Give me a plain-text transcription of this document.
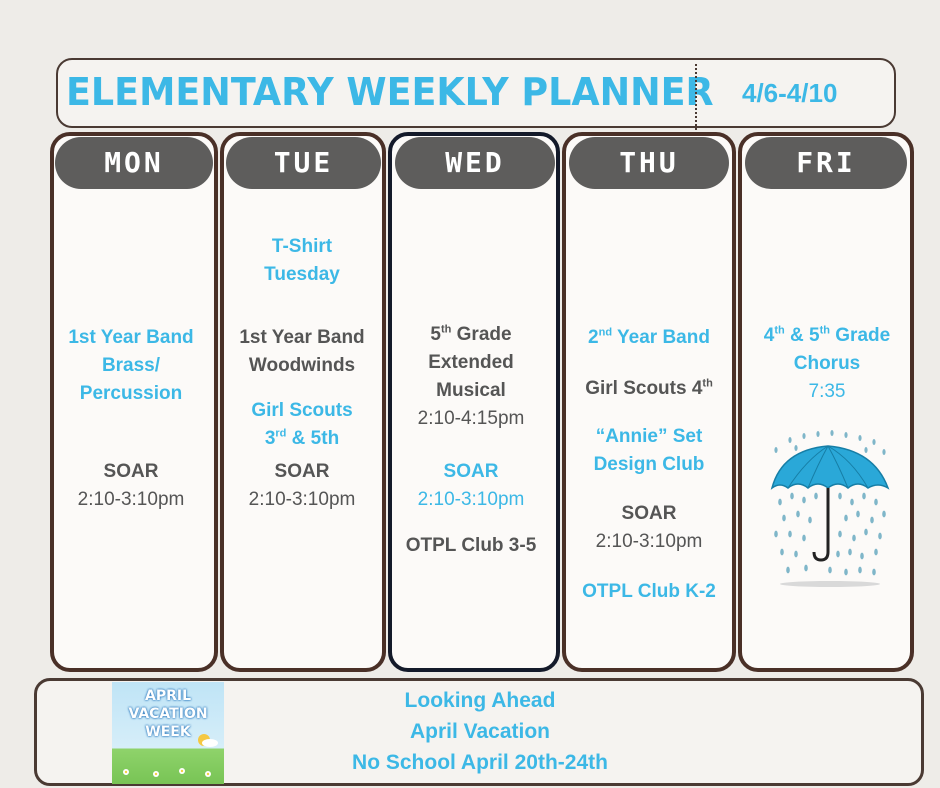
ELEMENTARY WEEKLY PLANNER 4/6-4/10
MON	TUE	WED	THU	FRI
1st Year Band
Brass/
Percussion
SOAR
2:10-3:10pm
T-Shirt
Tuesday
1st Year Band
Woodwinds
Girl Scouts
3rd & 5th
SOAR
2:10-3:10pm
5th Grade
Extended
Musical
2:10-4:15pm
SOAR
2:10-3:10pm
OTPL Club 3-5
2nd Year Band
Girl Scouts 4th
“Annie” Set
Design Club
SOAR
2:10-3:10pm
OTPL Club K-2
4th & 5th Grade
Chorus
7:35
APRIL
VACATION
WEEK
Looking Ahead
April Vacation
No School April 20th-24th
